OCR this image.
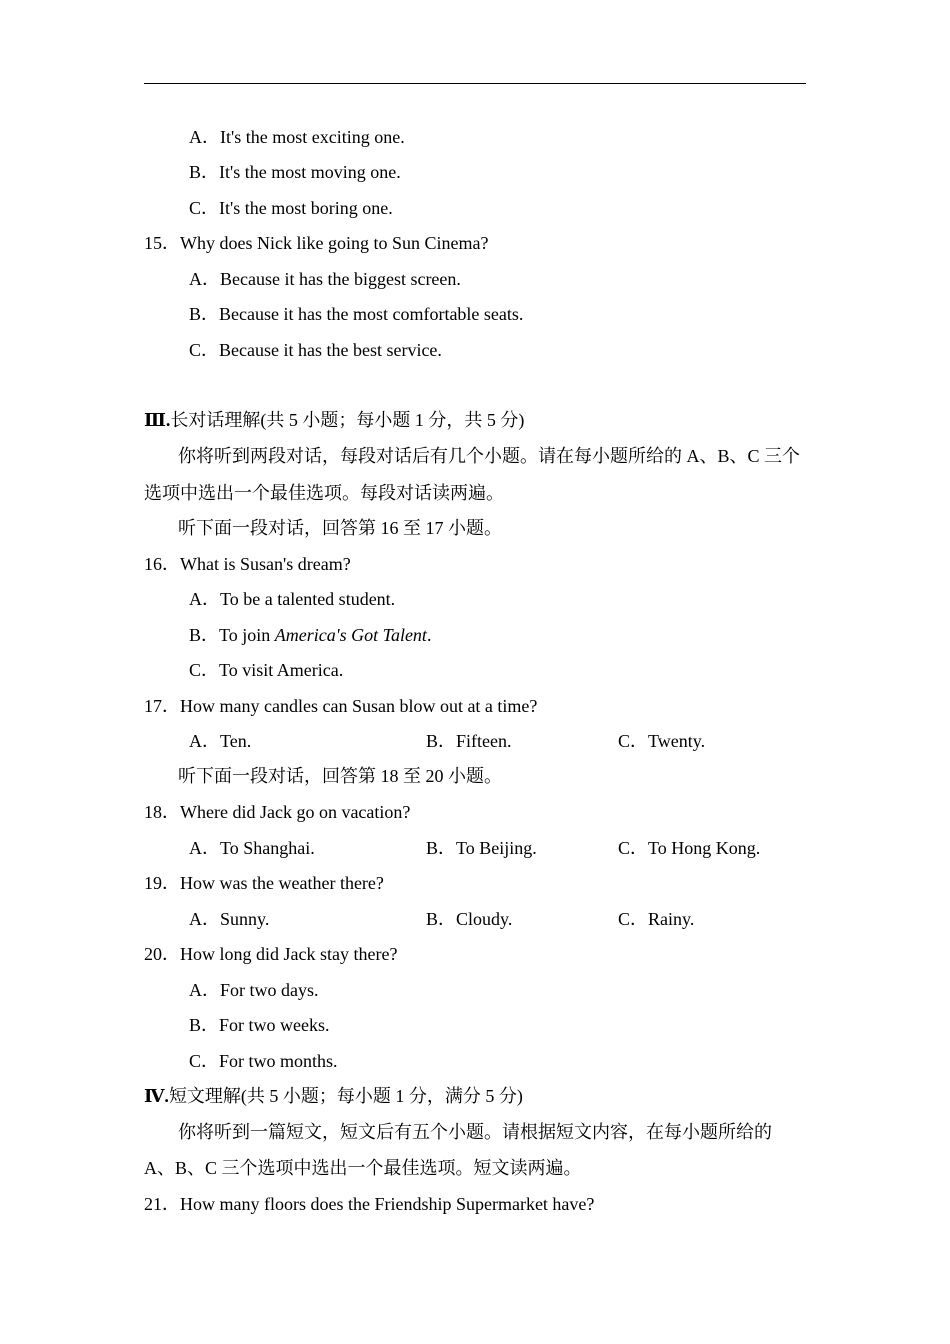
A．It's the most exciting one.
B．It's the most moving one.
C．It's the most boring one.
15．Why does Nick like going to Sun Cinema?
A．Because it has the biggest screen.
B．Because it has the most comfortable seats.
C．Because it has the best service.
Ⅲ.长对话理解(共 5 小题；每小题 1 分，共 5 分)
你将听到两段对话，每段对话后有几个小题。请在每小题所给的 A、B、C 三个
选项中选出一个最佳选项。每段对话读两遍。
听下面一段对话，回答第 16 至 17 小题。
16．What is Susan's dream?
A．To be a talented student.
B．To join America's Got Talent.
C．To visit America.
17．How many candles can Susan blow out at a time?
A．Ten.	B．Fifteen.	C．Twenty.
听下面一段对话，回答第 18 至 20 小题。
18．Where did Jack go on vacation?
A．To Shanghai.	B．To Beijing.	C．To Hong Kong.
19．How was the weather there?
A．Sunny.	B．Cloudy.	C．Rainy.
20．How long did Jack stay there?
A．For two days.
B．For two weeks.
C．For two months.
Ⅳ.短文理解(共 5 小题；每小题 1 分，满分 5 分)
你将听到一篇短文，短文后有五个小题。请根据短文内容，在每小题所给的
A、B、C 三个选项中选出一个最佳选项。短文读两遍。
21．How many floors does the Friendship Supermarket have?
